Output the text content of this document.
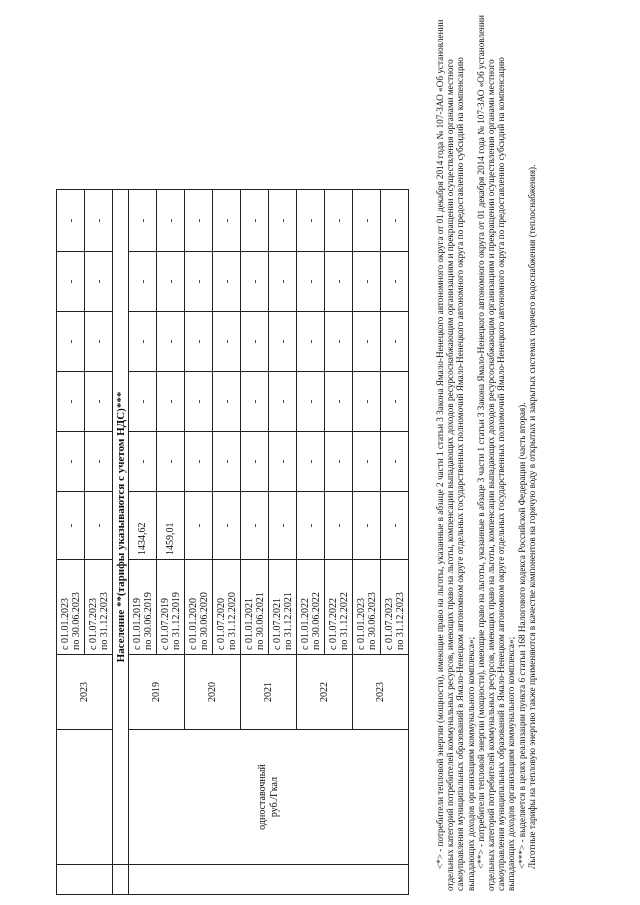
		2023	с 01.01.2023
по 30.06.2023	-	-	-	-	-	-
			с 01.07.2023
по 31.12.2023	-	-	-	-	-	-
	Население **(тарифы указываются с учетом НДС)***								
	одноставочный
руб./Гкал	2019	с 01.01.2019
по 30.06.2019	1434,62	-	-	-	-	-
			с 01.07.2019
по 31.12.2019	1459,01	-	-	-	-	-
		2020	с 01.01.2020
по 30.06.2020	-	-	-	-	-	-
			с 01.07.2020
по 31.12.2020	-	-	-	-	-	-
		2021	с 01.01.2021
по 30.06.2021	-	-	-	-	-	-
			с 01.07.2021
по 31.12.2021	-	-	-	-	-	-
		2022	с 01.01.2022
по 30.06.2022	-	-	-	-	-	-
			с 01.07.2022
по 31.12.2022	-	-	-	-	-	-
		2023	с 01.01.2023
по 30.06.2023	-	-	-	-	-	-
			с 01.07.2023
по 31.12.2023	-	-	-	-	-	-	<*> - потребители тепловой энергии (мощности), имеющие право на льготы, указанные в абзаце 2 части 1 статьи 3 Закона Ямало-Ненецкого автономного округа от 01 декабря 2014 года № 107-ЗАО «Об установлении отдельных категорий потребителей коммунальных ресурсов, имеющих право на льготы, компенсации выпадающих доходов ресурсоснабжающим организациям и прекращении осуществления органами местного самоуправления муниципальных образований в Ямало-Ненецком автономном округе отдельных государственных полномочий Ямало-Ненецкого автономного округа по предоставлению субсидий на компенсацию выпадающих доходов организациям коммунального комплекса»; <**> - потребители тепловой энергии (мощности), имеющие право на льготы, указанные в абзаце 3 части 1 статьи 3 Закона Ямало-Ненецкого автономного округа от 01 декабря 2014 года № 107-ЗАО «Об установлении отдельных категорий потребителей коммунальных ресурсов, имеющих право на льготы, компенсации выпадающих доходов ресурсоснабжающим организациям и прекращении осуществления органами местного самоуправления муниципальных образований в Ямало-Ненецком автономном округе отдельных государственных полномочий Ямало-Ненецкого автономного округа по предоставлению субсидий на компенсацию выпадающих доходов организациям коммунального комплекса»; <***> - выделяется в целях реализации пункта 6 статьи 168 Налогового кодекса Российской Федерации (часть вторая). Льготные тарифы на тепловую энергию также применяются в качестве компонентов на горячую воду в открытых и закрытых системах горячего водоснабжения (теплоснабжения).
